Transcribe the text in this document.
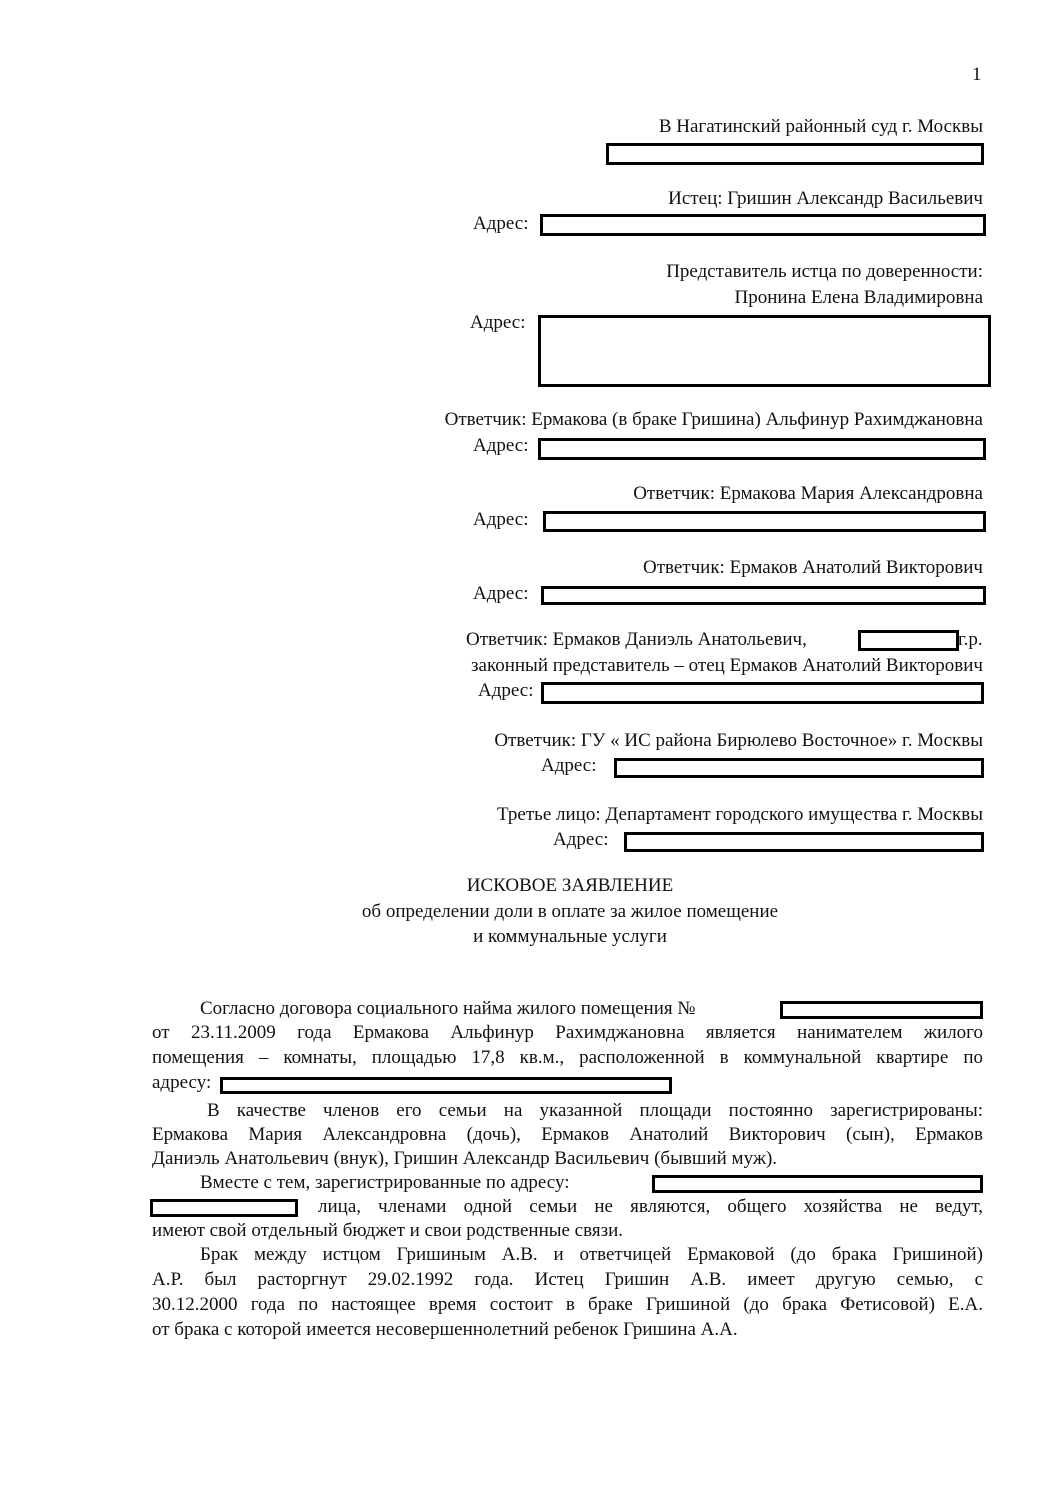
1
В Нагатинский районный суд г. Москвы
Истец: Гришин Александр Васильевич
Адрес:
Представитель истца по доверенности:
Пронина Елена Владимировна
Адрес:
Ответчик: Ермакова (в браке Гришина) Альфинур Рахимджановна
Адрес:
Ответчик: Ермакова Мария Александровна
Адрес:
Ответчик: Ермаков Анатолий Викторович
Адрес:
Ответчик: Ермаков Даниэль Анатольевич,	г.р.
законный представитель – отец Ермаков Анатолий Викторович
Адрес:
Ответчик: ГУ « ИС района Бирюлево Восточное» г. Москвы
Адрес:
Третье лицо: Департамент городского имущества г. Москвы
Адрес:
ИСКОВОЕ ЗАЯВЛЕНИЕ
об определении доли в оплате за жилое помещение
и коммунальные услуги
Согласно договора социального найма жилого помещения №
от 23.11.2009 года Ермакова Альфинур Рахимджановна является нанимателем жилого
помещения – комнаты, площадью 17,8 кв.м., расположенной в коммунальной квартире по
адресу:
В качестве членов его семьи на указанной площади постоянно зарегистрированы:
Ермакова Мария Александровна (дочь), Ермаков Анатолий Викторович (сын), Ермаков
Даниэль Анатольевич (внук), Гришин Александр Васильевич (бывший муж).
Вместе с тем, зарегистрированные по адресу:
лица, членами одной семьи не являются, общего хозяйства не ведут,
имеют свой отдельный бюджет и свои родственные связи.
Брак между истцом Гришиным А.В. и ответчицей Ермаковой (до брака Гришиной)
А.Р. был расторгнут 29.02.1992 года. Истец Гришин А.В. имеет другую семью, с
30.12.2000 года по настоящее время состоит в браке Гришиной (до брака Фетисовой) Е.А.
от брака с которой имеется несовершеннолетний ребенок Гришина А.А.
